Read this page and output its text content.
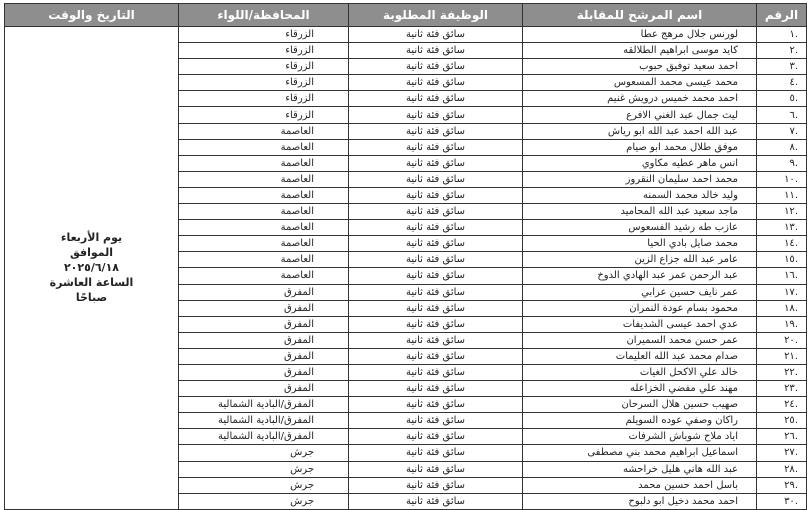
الرقم	اسم المرشح للمقابلة	الوظيفة المطلوبة	المحافظة/اللواء	التاريخ والوقت
.١	لورنس جلال مرهج عطا	سائق فئة ثانية	الزرقاء	يوم الأربعاء
الموافق
٢٠٢٥/٦/١٨
الساعة العاشرة
صباحًا

.٢	كايد موسى ابراهيم الطلالقه	سائق فئة ثانية	الزرقاء	
.٣	احمد سعيد توفيق حبوب	سائق فئة ثانية	الزرقاء	
.٤	محمد عيسى محمد المسعوس	سائق فئة ثانية	الزرقاء	
.٥	احمد محمد خميس درويش غنيم	سائق فئة ثانية	الزرقاء	
.٦	ليث جمال عبد الغني الافرع	سائق فئة ثانية	الزرقاء	
.٧	عبد الله احمد عبد الله ابو رياش	سائق فئة ثانية	العاصمة	
.٨	موفق طلال محمد ابو صيام	سائق فئة ثانية	العاصمة	
.٩	انس ماهر عطيه مكاوي	سائق فئة ثانية	العاصمة	
.١٠	محمد احمد سليمان النقروز	سائق فئة ثانية	العاصمة	
.١١	وليد خالد محمد السمنه	سائق فئة ثانية	العاصمة	
.١٢	ماجد سعيد عبد الله المحاميد	سائق فئة ثانية	العاصمة	
.١٣	عازب طه رشيد الفسعوس	سائق فئة ثانية	العاصمة	
.١٤	محمد صايل بادي الحيا	سائق فئة ثانية	العاصمة	
.١٥	عامر عبد الله جزاع الزين	سائق فئة ثانية	العاصمة	
.١٦	عبد الرحمن عمر عبد الهادي الدوخ	سائق فئة ثانية	العاصمة	
.١٧	عمر نايف حسين عرابي	سائق فئة ثانية	المفرق	
.١٨	محمود بسام عودة النمران	سائق فئة ثانية	المفرق	
.١٩	عدي احمد عيسى الشديفات	سائق فئة ثانية	المفرق	
.٢٠	عمر حسن محمد السميران	سائق فئة ثانية	المفرق	
.٢١	صدام محمد عبد الله العليمات	سائق فئة ثانية	المفرق	
.٢٢	خالد علي الاكحل الغيات	سائق فئة ثانية	المفرق	
.٢٣	مهند علي مفضي الخزاعله	سائق فئة ثانية	المفرق	
.٢٤	صهيب حسين هلال السرحان	سائق فئة ثانية	المفرق/البادية الشمالية	
.٢٥	راكان وصفي عوده السويلم	سائق فئة ثانية	المفرق/البادية الشمالية	
.٢٦	اياد ملاح شوباش الشرفات	سائق فئة ثانية	المفرق/البادية الشمالية	
.٢٧	اسماعيل ابراهيم محمد بني مصطفى	سائق فئة ثانية	جرش	
.٢٨	عبد الله هاني هليل خراحشه	سائق فئة ثانية	جرش	
.٢٩	باسل احمد حسين محمد	سائق فئة ثانية	جرش	
.٣٠	احمد محمد دخيل ابو دلبوح	سائق فئة ثانية	جرش	
